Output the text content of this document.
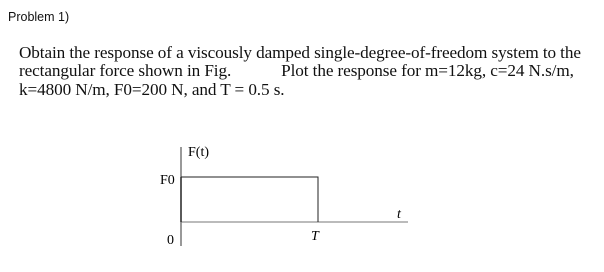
Problem 1)
Obtain the response of a viscously damped single-degree-of-freedom system to the
rectangular force shown in Fig.	Plot the response for m=12kg, c=24 N.s/m,
k=4800 N/m, F0=200 N, and T = 0.5 s.
F(t)
F0
0
t
T
